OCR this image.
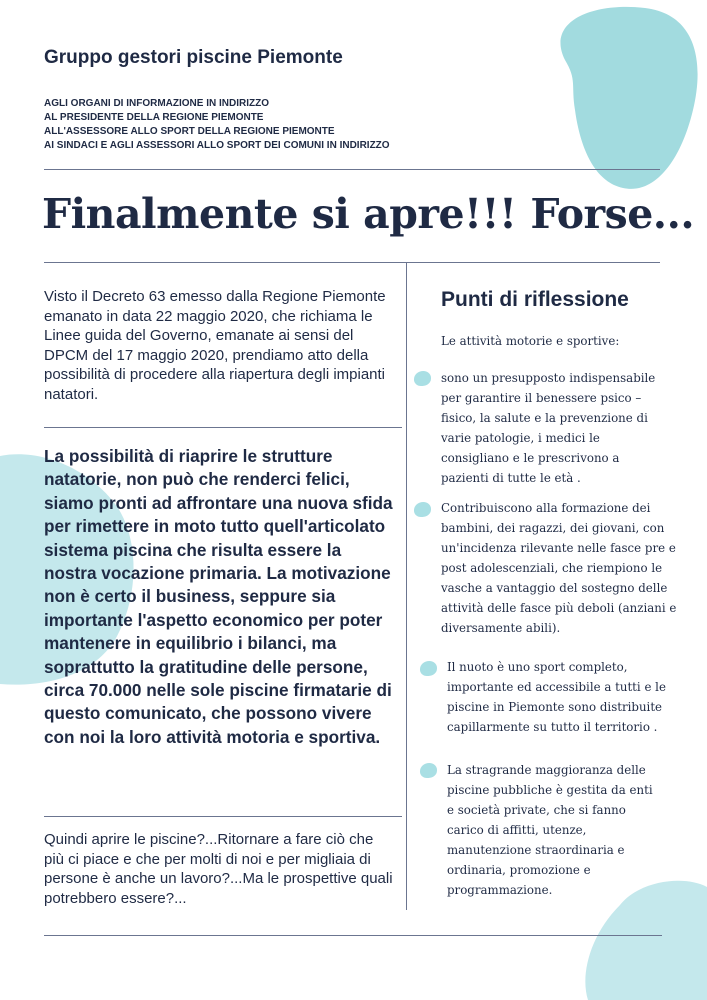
Gruppo gestori piscine Piemonte
AGLI ORGANI DI INFORMAZIONE IN INDIRIZZO
AL PRESIDENTE DELLA REGIONE PIEMONTE
ALL'ASSESSORE ALLO SPORT DELLA REGIONE PIEMONTE
AI SINDACI E AGLI ASSESSORI ALLO SPORT DEI COMUNI IN INDIRIZZO
Finalmente si apre!!! Forse...

Visto il Decreto 63 emesso dalla Regione Piemonte emanato in data 22 maggio 2020, che richiama le Linee guida del Governo, emanate ai sensi del DPCM del 17 maggio 2020, prendiamo atto della possibilità di procedere alla riapertura degli impianti natatori.

La possibilità di riaprire le strutture natatorie, non può che renderci felici, siamo pronti ad affrontare una nuova sfida per rimettere in moto tutto quell'articolato sistema piscina che risulta essere la nostra vocazione primaria. La motivazione non è certo il business, seppure sia importante l'aspetto economico per poter mantenere in equilibrio i bilanci, ma soprattutto la gratitudine delle persone, circa 70.000 nelle sole piscine firmatarie di questo comunicato, che possono vivere con noi la loro attività motoria e sportiva.

Quindi aprire le piscine?...Ritornare a fare ciò che più ci piace e che per molti di noi e per migliaia di persone è anche un lavoro?...Ma le prospettive quali potrebbero essere?...

Punti di riflessione

Le attività motorie e sportive:

sono un presupposto indispensabile per garantire il benessere psico – fisico, la salute e la prevenzione di varie patologie, i medici le consigliano e le prescrivono a pazienti di tutte le età .

Contribuiscono alla formazione dei bambini, dei ragazzi, dei giovani, con un'incidenza rilevante nelle fasce pre e post adolescenziali, che riempiono le vasche a vantaggio del sostegno delle attività delle fasce più deboli (anziani e diversamente abili).

Il nuoto è uno sport completo, importante ed accessibile a tutti e le piscine in Piemonte sono distribuite capillarmente su tutto il territorio .

La stragrande maggioranza delle piscine pubbliche è gestita da enti e società private, che si fanno carico di affitti, utenze, manutenzione straordinaria e ordinaria, promozione e programmazione.
